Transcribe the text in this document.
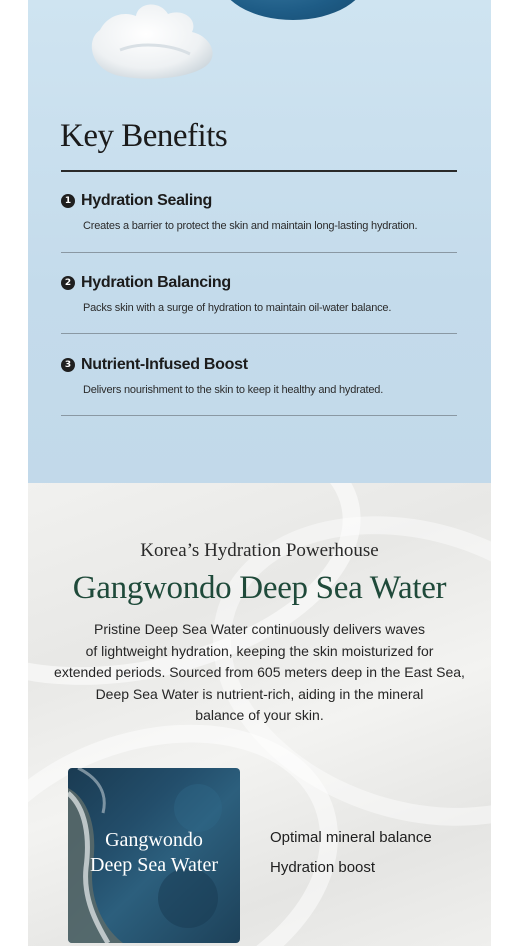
Key Benefits
1 Hydration Sealing
Creates a barrier to protect the skin and maintain long-lasting hydration.
2 Hydration Balancing
Packs skin with a surge of hydration to maintain oil-water balance.
3 Nutrient-Infused Boost
Delivers nourishment to the skin to keep it healthy and hydrated.
Korea’s Hydration Powerhouse
Gangwondo Deep Sea Water
Pristine Deep Sea Water continuously delivers waves
of lightweight hydration, keeping the skin moisturized for
extended periods. Sourced from 605 meters deep in the East Sea,
Deep Sea Water is nutrient-rich, aiding in the mineral
balance of your skin.
Gangwondo
Deep Sea Water
Optimal mineral balance
Hydration boost
